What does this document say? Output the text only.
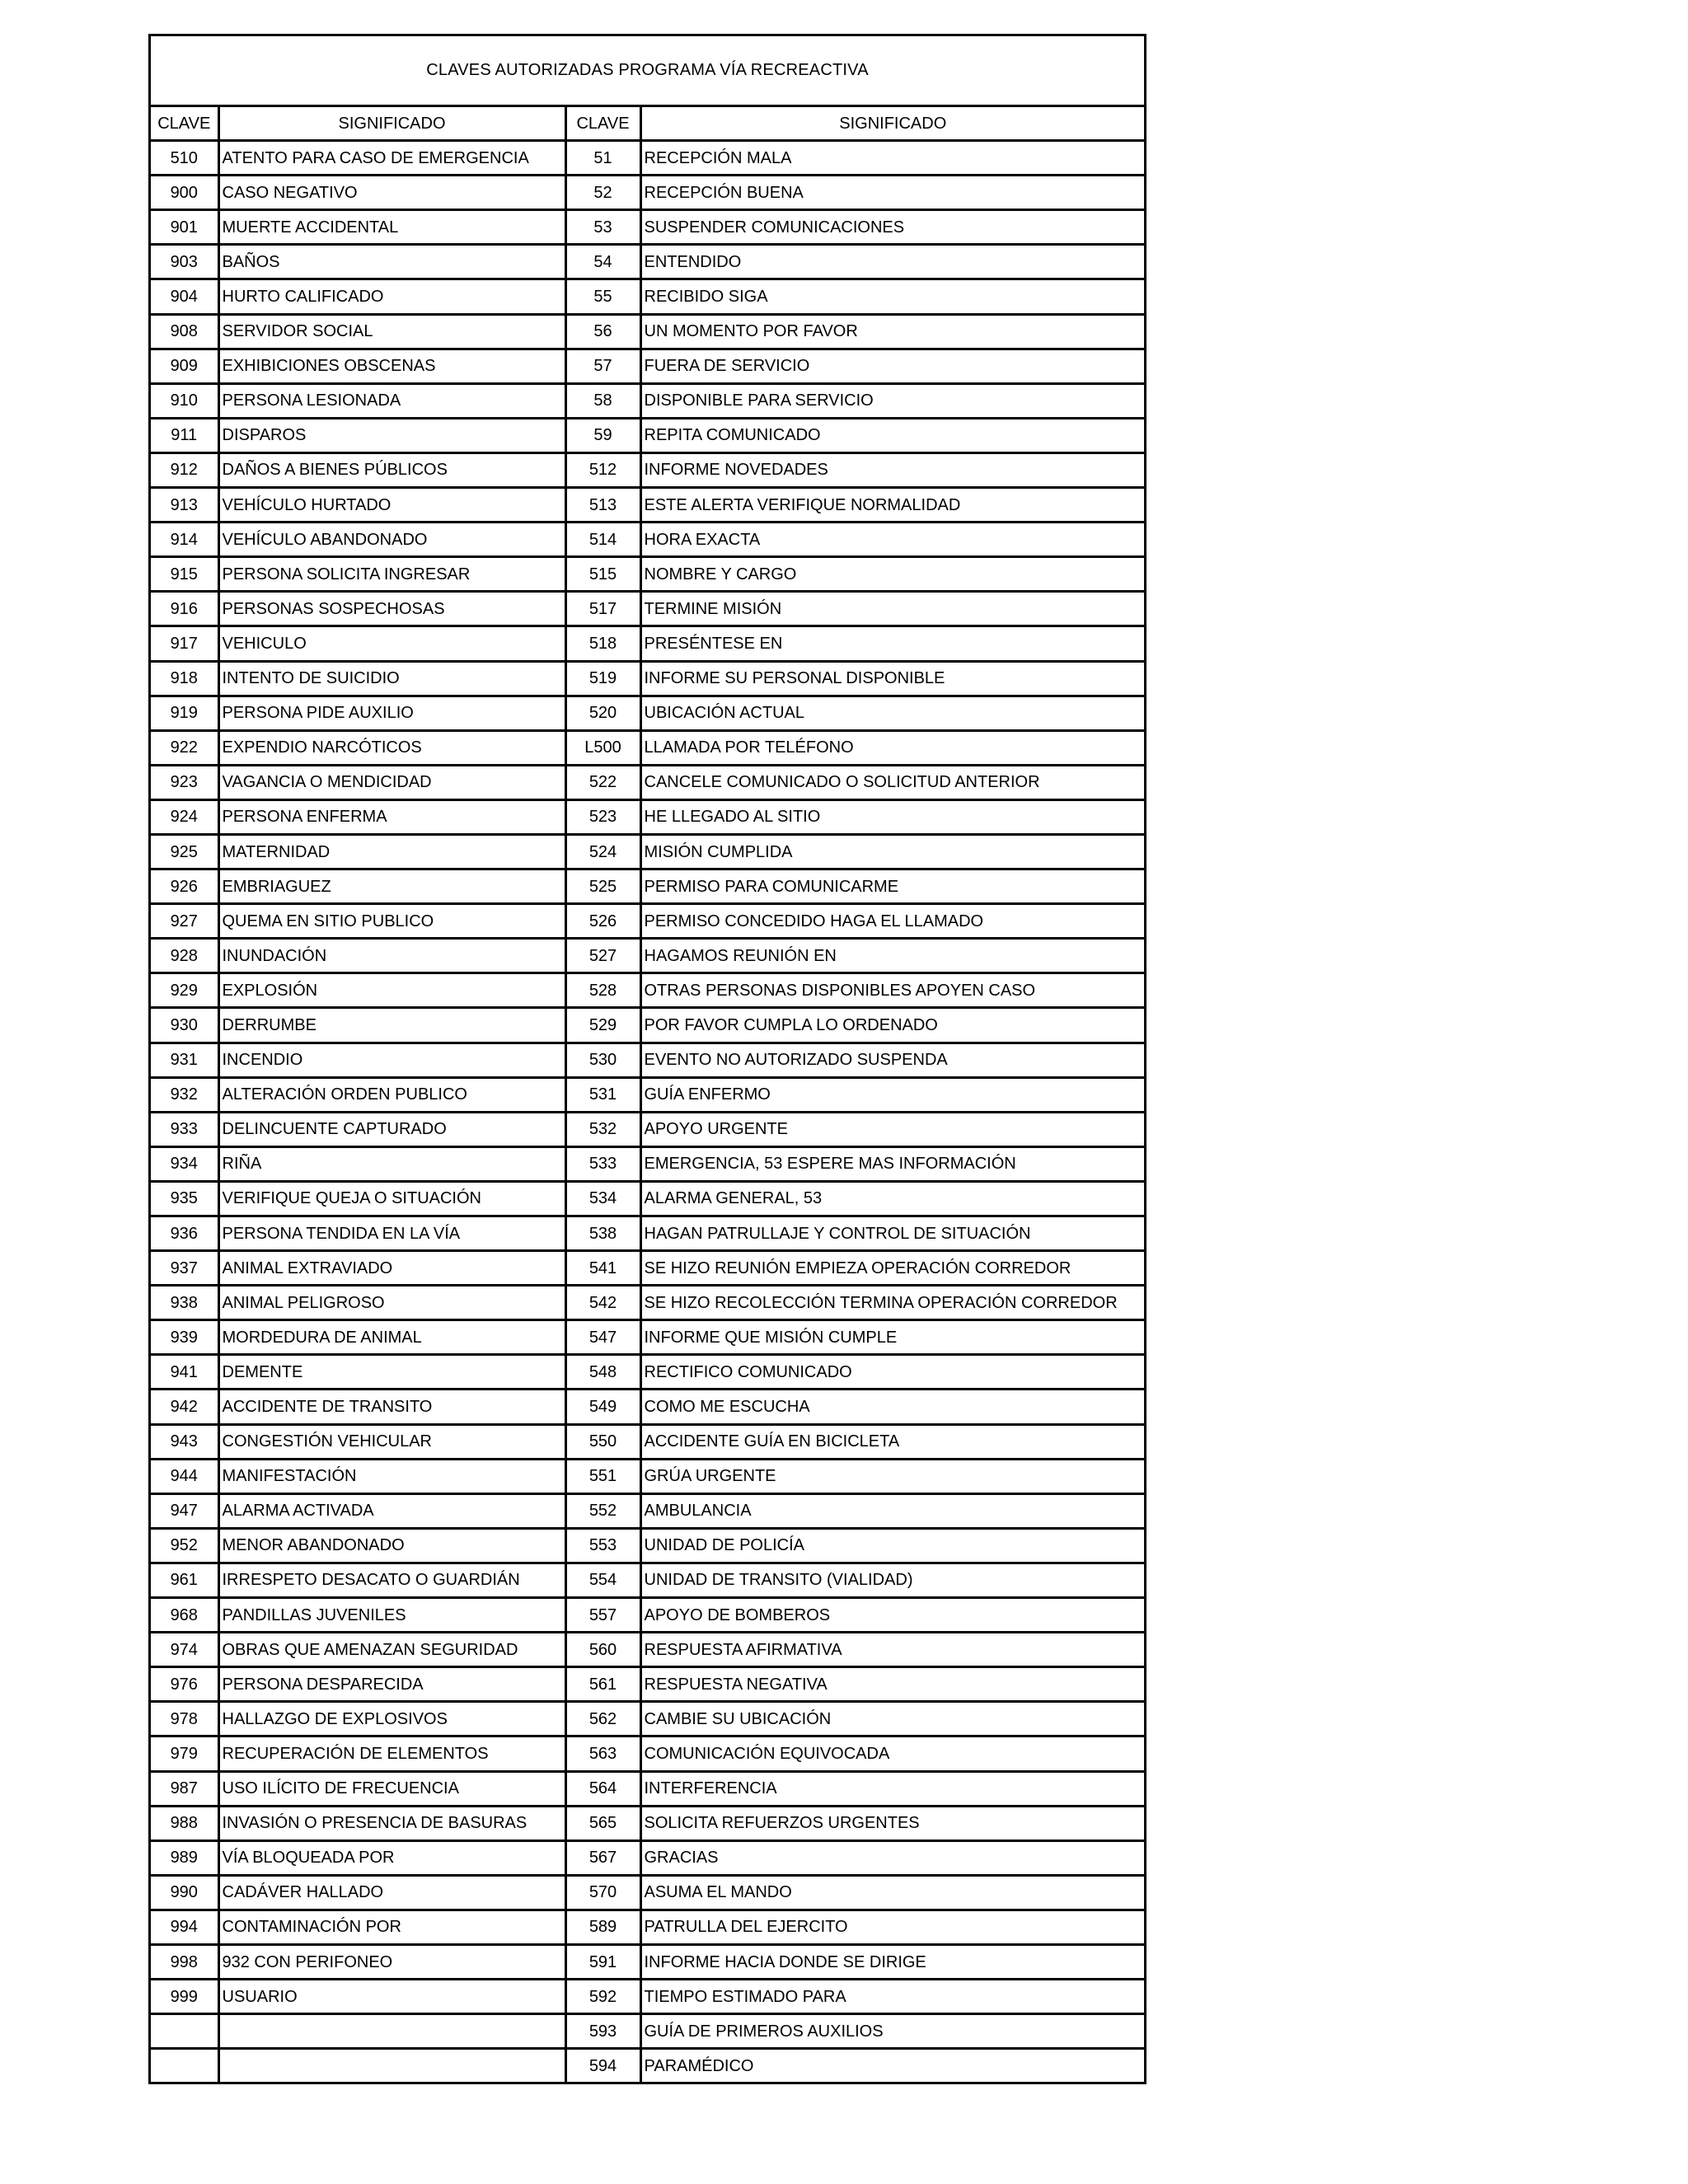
CLAVES AUTORIZADAS PROGRAMA VÍA RECREACTIVA
CLAVE	SIGNIFICADO	CLAVE	SIGNIFICADO
510	ATENTO PARA CASO DE EMERGENCIA	51	RECEPCIÓN MALA
900	CASO NEGATIVO	52	RECEPCIÓN BUENA
901	MUERTE ACCIDENTAL	53	SUSPENDER COMUNICACIONES
903	BAÑOS	54	ENTENDIDO
904	HURTO CALIFICADO	55	RECIBIDO SIGA
908	SERVIDOR SOCIAL	56	UN MOMENTO POR FAVOR
909	EXHIBICIONES OBSCENAS	57	FUERA DE SERVICIO
910	PERSONA LESIONADA	58	DISPONIBLE PARA SERVICIO
911	DISPAROS	59	REPITA COMUNICADO
912	DAÑOS A BIENES PÚBLICOS	512	INFORME NOVEDADES
913	VEHÍCULO HURTADO	513	ESTE ALERTA VERIFIQUE NORMALIDAD
914	VEHÍCULO ABANDONADO	514	HORA EXACTA
915	PERSONA SOLICITA INGRESAR	515	NOMBRE Y CARGO
916	PERSONAS SOSPECHOSAS	517	TERMINE MISIÓN
917	VEHICULO	518	PRESÉNTESE EN
918	INTENTO DE SUICIDIO	519	INFORME SU PERSONAL DISPONIBLE
919	PERSONA PIDE AUXILIO	520	UBICACIÓN ACTUAL
922	EXPENDIO NARCÓTICOS	L500	LLAMADA POR TELÉFONO
923	VAGANCIA O MENDICIDAD	522	CANCELE COMUNICADO O SOLICITUD ANTERIOR
924	PERSONA ENFERMA	523	HE LLEGADO AL SITIO
925	MATERNIDAD	524	MISIÓN CUMPLIDA
926	EMBRIAGUEZ	525	PERMISO PARA COMUNICARME
927	QUEMA EN SITIO PUBLICO	526	PERMISO CONCEDIDO HAGA EL LLAMADO
928	INUNDACIÓN	527	HAGAMOS REUNIÓN EN
929	EXPLOSIÓN	528	OTRAS PERSONAS DISPONIBLES APOYEN CASO
930	DERRUMBE	529	POR FAVOR CUMPLA LO ORDENADO
931	INCENDIO	530	EVENTO NO AUTORIZADO SUSPENDA
932	ALTERACIÓN ORDEN PUBLICO	531	GUÍA ENFERMO
933	DELINCUENTE CAPTURADO	532	APOYO URGENTE
934	RIÑA	533	EMERGENCIA, 53 ESPERE MAS INFORMACIÓN
935	VERIFIQUE QUEJA O SITUACIÓN	534	ALARMA GENERAL, 53
936	PERSONA TENDIDA EN LA VÍA	538	HAGAN PATRULLAJE Y CONTROL DE SITUACIÓN
937	ANIMAL EXTRAVIADO	541	SE HIZO REUNIÓN EMPIEZA OPERACIÓN CORREDOR
938	ANIMAL PELIGROSO	542	SE HIZO RECOLECCIÓN TERMINA OPERACIÓN CORREDOR
939	MORDEDURA DE ANIMAL	547	INFORME QUE MISIÓN CUMPLE
941	DEMENTE	548	RECTIFICO COMUNICADO
942	ACCIDENTE DE TRANSITO	549	COMO ME ESCUCHA
943	CONGESTIÓN VEHICULAR	550	ACCIDENTE GUÍA EN BICICLETA
944	MANIFESTACIÓN	551	GRÚA URGENTE
947	ALARMA ACTIVADA	552	AMBULANCIA
952	MENOR ABANDONADO	553	UNIDAD DE POLICÍA
961	IRRESPETO DESACATO O GUARDIÁN	554	UNIDAD DE TRANSITO (VIALIDAD)
968	PANDILLAS JUVENILES	557	APOYO DE BOMBEROS
974	OBRAS QUE AMENAZAN SEGURIDAD	560	RESPUESTA AFIRMATIVA
976	PERSONA DESPARECIDA	561	RESPUESTA NEGATIVA
978	HALLAZGO DE EXPLOSIVOS	562	CAMBIE SU UBICACIÓN
979	RECUPERACIÓN DE ELEMENTOS	563	COMUNICACIÓN EQUIVOCADA
987	USO ILÍCITO DE FRECUENCIA	564	INTERFERENCIA
988	INVASIÓN O PRESENCIA DE BASURAS	565	SOLICITA REFUERZOS URGENTES
989	VÍA BLOQUEADA POR	567	GRACIAS
990	CADÁVER HALLADO	570	ASUMA EL MANDO
994	CONTAMINACIÓN POR	589	PATRULLA DEL EJERCITO
998	932 CON PERIFONEO	591	INFORME HACIA DONDE SE DIRIGE
999	USUARIO	592	TIEMPO ESTIMADO PARA
		593	GUÍA DE PRIMEROS AUXILIOS
		594	PARAMÉDICO
